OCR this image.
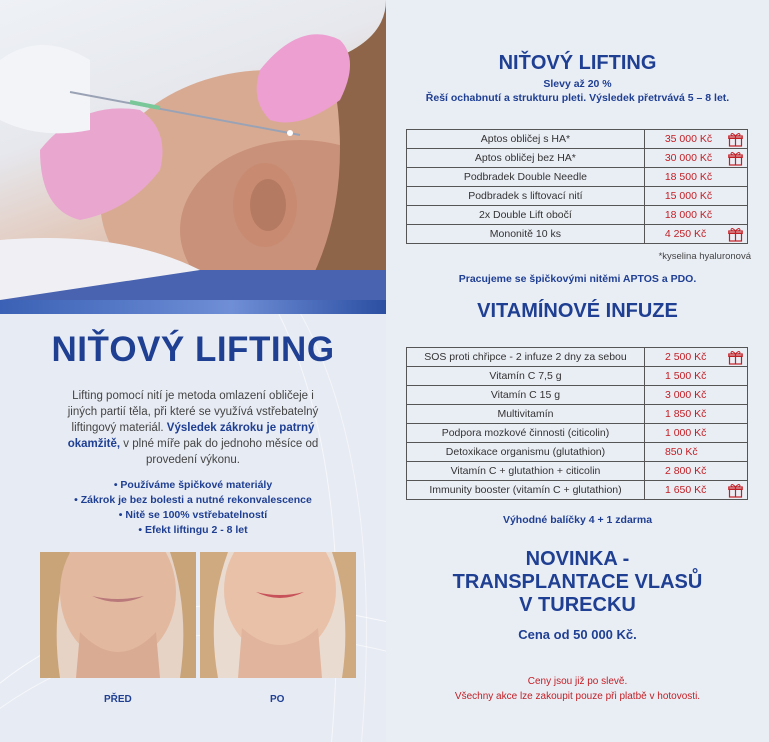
NIŤOVÝ LIFTING
Lifting pomocí nití je metoda omlazení obličeje i jiných partií těla, při které se využívá vstřebatelný liftingový materiál. Výsledek zákroku je patrný okamžitě, v plné míře pak do jednoho měsíce od provedení výkonu.
• Používáme špičkové materiály
• Zákrok je bez bolesti a nutné rekonvalescence
• Nitě se 100% vstřebatelností
• Efekt liftingu 2 - 8 let
PŘED	PO
NIŤOVÝ LIFTING
Slevy až 20 %
Řeší ochabnutí a strukturu pleti. Výsledek přetrvává 5 – 8 let.
Aptos obličej s HA*	35 000 Kč

Aptos obličej bez HA*	30 000 Kč

Podbradek Double Needle	18 500 Kč
Podbradek s liftovací nití	15 000 Kč
2x Double Lift obočí	18 000 Kč
Mononitě 10 ks	4 250 Kč
*kyselina hyaluronová
Pracujeme se špičkovými nitěmi APTOS a PDO.
VITAMÍNOVÉ INFUZE
SOS proti chřipce - 2 infuze 2 dny za sebou	2 500 Kč

Vitamín C 7,5 g	1 500 Kč
Vitamín C 15 g	3 000 Kč
Multivitamín	1 850 Kč
Podpora mozkové činnosti (citicolin)	1 000 Kč
Detoxikace organismu (glutathion)	850 Kč
Vitamín C + glutathion + citicolin	2 800 Kč
Immunity booster (vitamín C + glutathion)	1 650 Kč
Výhodné balíčky 4 + 1 zdarma
NOVINKA -
TRANSPLANTACE VLASŮ
V TURECKU
Cena od 50 000 Kč.
Ceny jsou již po slevě.
Všechny akce lze zakoupit pouze při platbě v hotovosti.
